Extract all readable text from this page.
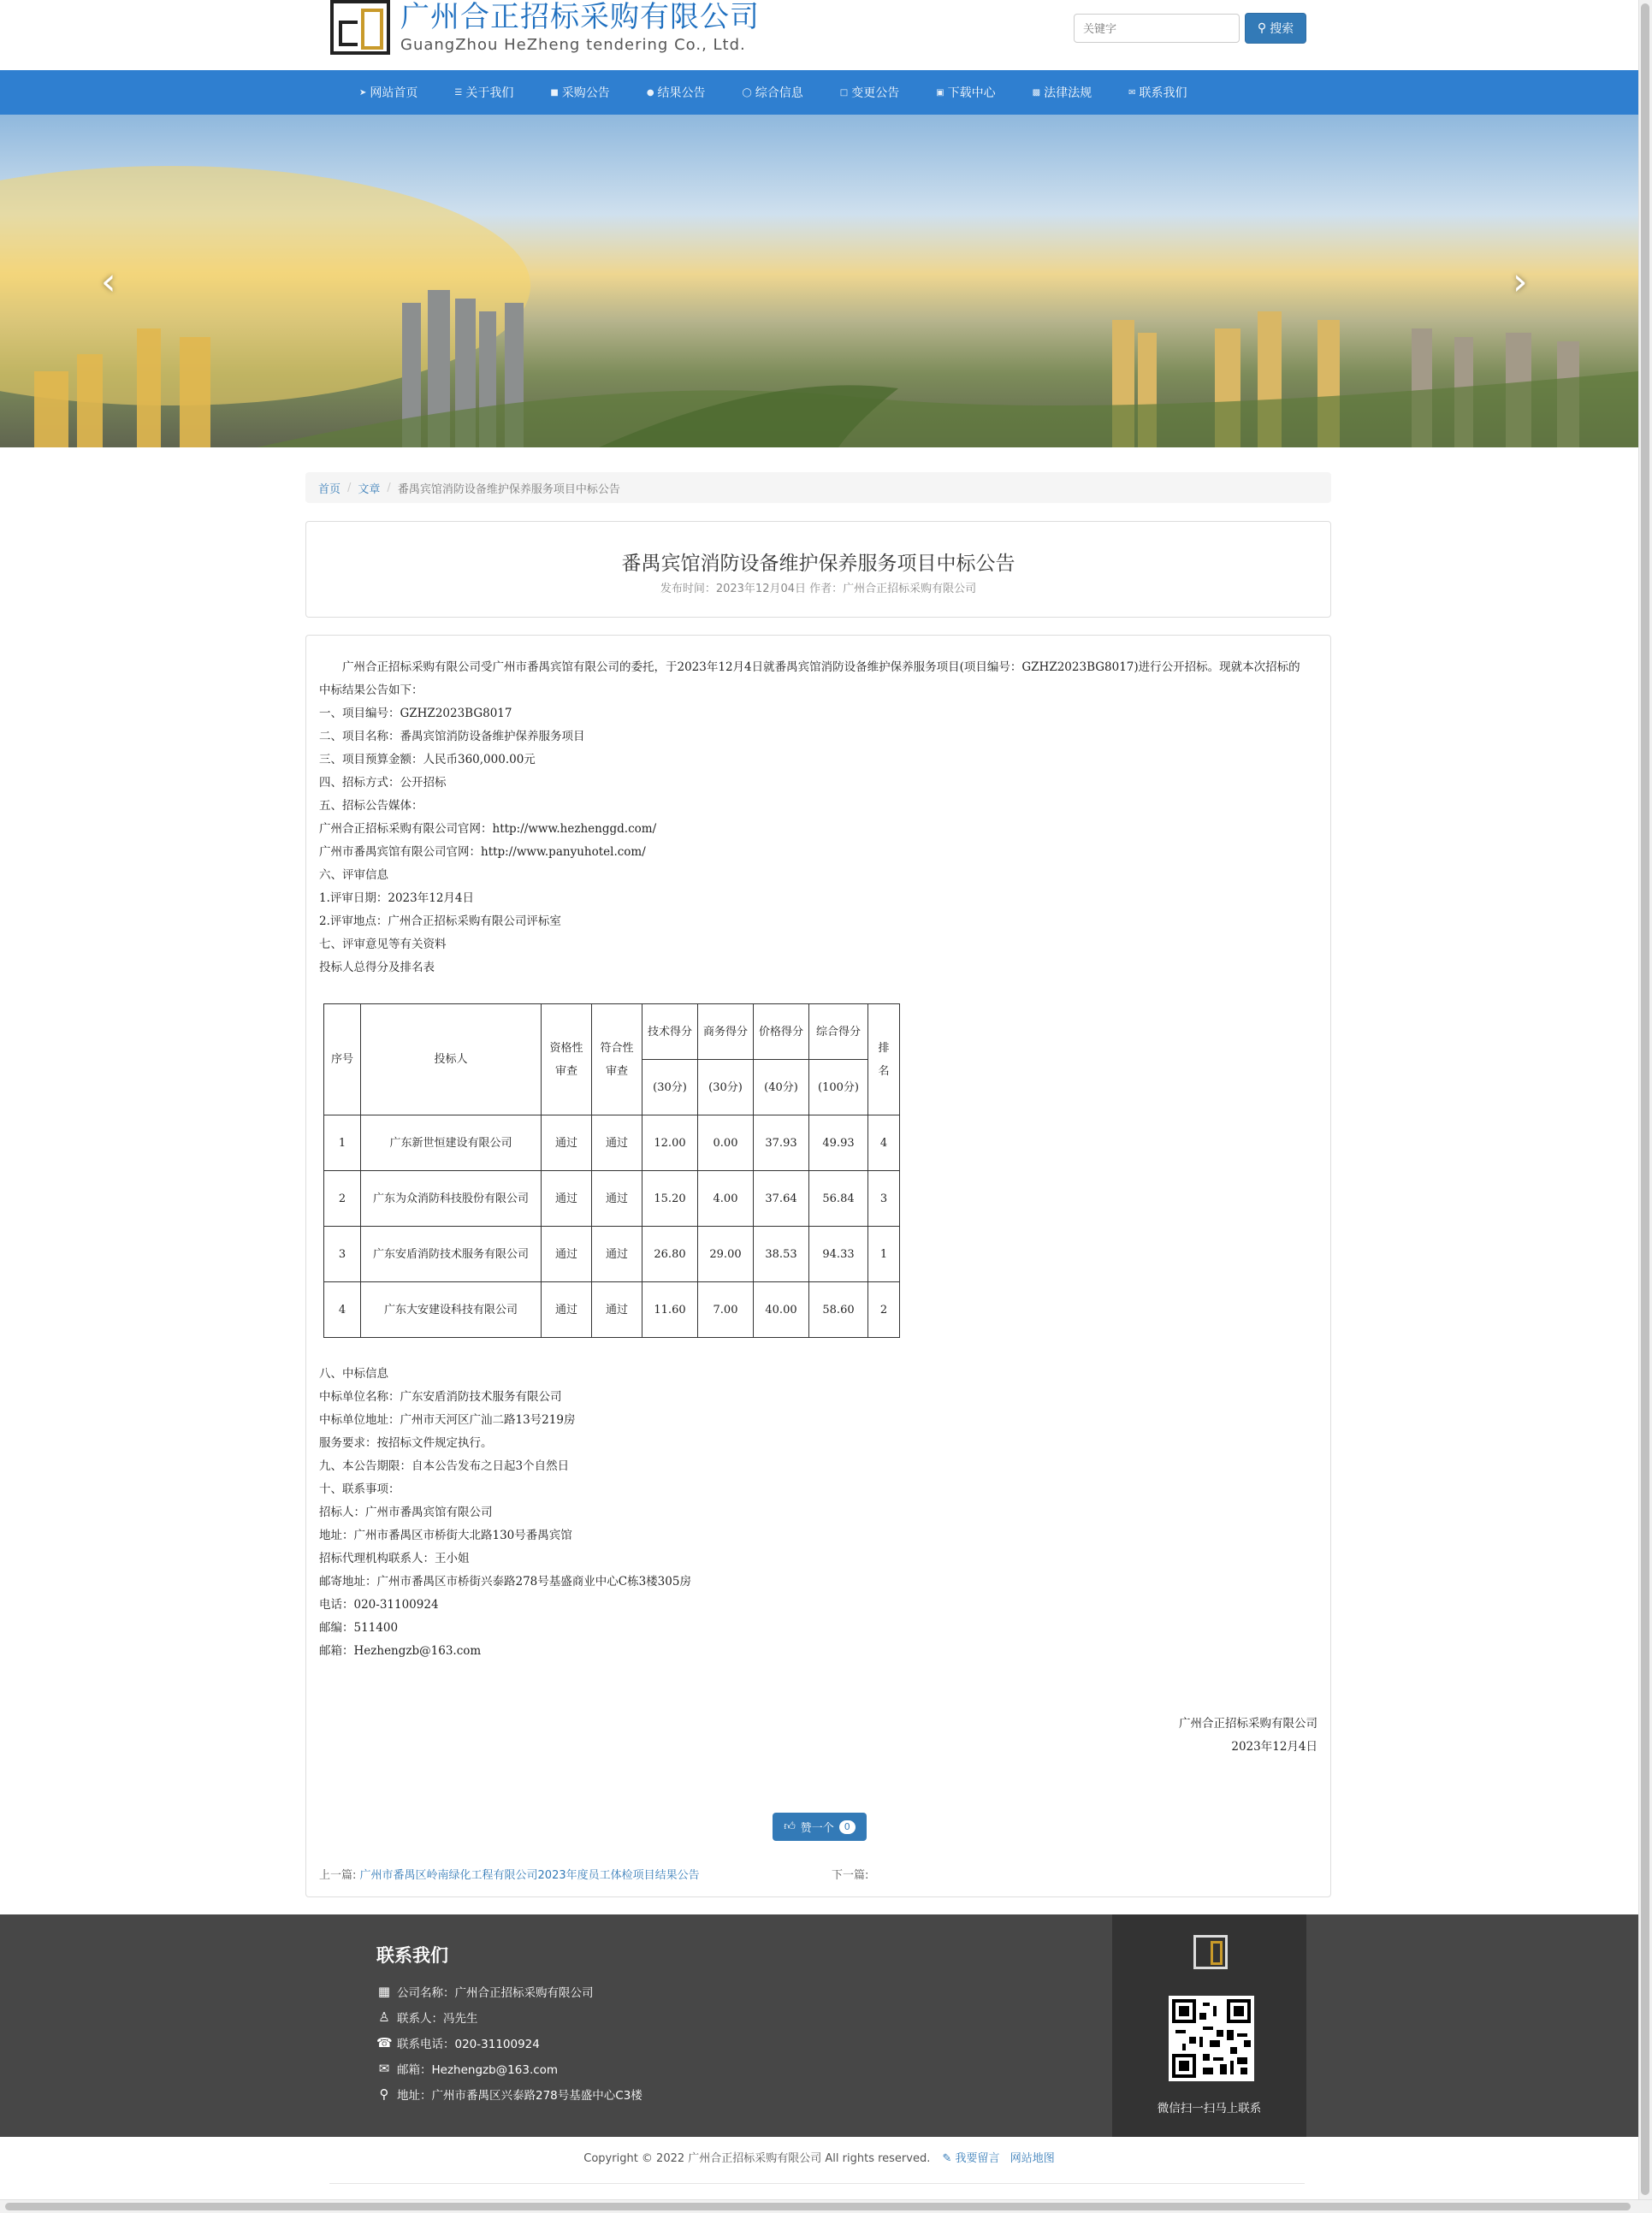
广州合正招标采购有限公司
GuangZhou HeZheng tendering Co., Ltd.
关键字
⚲ 搜索
➤ 网站首页	☰ 关于我们	■ 采购公告	● 结果公告	◯ 综合信息	□ 变更公告	▣ 下载中心	▩ 法律法规	✉ 联系我们
‹	›
首页 / 文章 / 番禺宾馆消防设备维护保养服务项目中标公告
番禺宾馆消防设备维护保养服务项目中标公告
发布时间：2023年12月04日 作者：广州合正招标采购有限公司
广州合正招标采购有限公司受广州市番禺宾馆有限公司的委托，于2023年12月4日就番禺宾馆消防设备维护保养服务项目(项目编号：GZHZ2023BG8017)进行公开招标。现就本次招标的中标结果公告如下：
一、项目编号：GZHZ2023BG8017
二、项目名称：番禺宾馆消防设备维护保养服务项目
三、项目预算金额：人民币360,000.00元
四、招标方式：公开招标
五、招标公告媒体：
广州合正招标采购有限公司官网：http://www.hezhenggd.com/
广州市番禺宾馆有限公司官网：http://www.panyuhotel.com/
六、评审信息
1.评审日期：2023年12月4日
2.评审地点：广州合正招标采购有限公司评标室
七、评审意见等有关资料
投标人总得分及排名表
序号	投标人	资格性审查	符合性审查	技术得分	商务得分	价格得分	综合得分	排名
				(30分)	(30分)	(40分)	(100分)	
1	广东新世恒建设有限公司	通过	通过	12.00	0.00	37.93	49.93	4
2	广东为众消防科技股份有限公司	通过	通过	15.20	4.00	37.64	56.84	3
3	广东安盾消防技术服务有限公司	通过	通过	26.80	29.00	38.53	94.33	1
4	广东大安建设科技有限公司	通过	通过	11.60	7.00	40.00	58.60	2
八、中标信息
中标单位名称：广东安盾消防技术服务有限公司
中标单位地址：广州市天河区广汕二路13号219房
服务要求：按招标文件规定执行。
九、本公告期限：自本公告发布之日起3个自然日
十、联系事项：
招标人：广州市番禺宾馆有限公司
地址：广州市番禺区市桥街大北路130号番禺宾馆
招标代理机构联系人：王小姐
邮寄地址：广州市番禺区市桥街兴泰路278号基盛商业中心C栋3楼305房
电话：020-31100924
邮编：511400
邮箱：Hezhengzb@163.com
广州合正招标采购有限公司
2023年12月4日
👍︎ 赞一个	0
上一篇: 广州市番禺区岭南绿化工程有限公司2023年度员工体检项目结果公告	下一篇:
联系我们
▦ 公司名称：广州合正招标采购有限公司
♙ 联系人：冯先生
☎ 联系电话：020-31100924
✉ 邮箱：Hezhengzb@163.com
⚲ 地址：广州市番禺区兴泰路278号基盛中心C3楼
微信扫一扫马上联系
Copyright © 2022 广州合正招标采购有限公司 All rights reserved. ✎ 我要留言 网站地图
